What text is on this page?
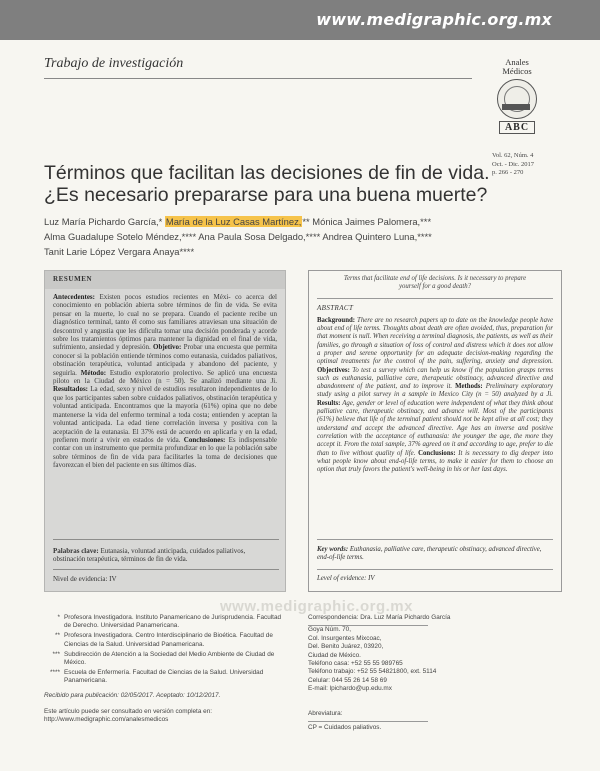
www.medigraphic.org.mx
Trabajo de investigación	Anales
Médicos
ABC
Vol. 62, Núm. 4
Oct. - Dic. 2017
p. 266 - 270
Términos que facilitan las decisiones de fin de vida.
¿Es necesario prepararse para una buena muerte?
Luz María Pichardo García,* María de la Luz Casas Martínez,** Mónica Jaimes Palomera,***
Alma Guadalupe Sotelo Méndez,**** Ana Paula Sosa Delgado,**** Andrea Quintero Luna,****
Tanit Larie López Vergara Anaya****
RESUMEN
Antecedentes: Existen pocos estudios recientes en Méxi- co acerca del conocimiento en población abierta sobre términos de fin de vida. Se evita pensar en la muerte, lo cual no se prepara. Cuando el paciente recibe un diagnóstico terminal, tanto él como sus familiares atraviesan una situación de descontrol y angustia que les dificulta tomar una decisión ponderada y acorde sobre los tratamientos óptimos para mantener la dignidad en el final de vida, sufrimiento, ansiedad y depresión. Objetivo: Probar una encuesta que permita conocer si la población entiende términos como eutanasia, cuidados paliativos, obstinación terapéutica, voluntad anticipada y abandono del paciente, y seguirla. Método: Estudio exploratorio prolectivo. Se aplicó una encuesta piloto en la Ciudad de México (n = 50). Se analizó mediante una Ji. Resultados: La edad, sexo y nivel de estudios resultaron independientes de lo que los participantes saben sobre cuidados paliativos, obstinación terapéutica y voluntad anticipada. Encontramos que la mayoría (61%) opina que no debe mantenerse la vida del enfermo terminal a toda costa; entienden y aceptan la voluntad anticipada. La edad tiene correlación inversa y positiva con la aceptación de la eutanasia. El 37% está de acuerdo en aplicarla y en la edad, prefieren morir a vivir en estados de vida. Conclusiones: Es indispensable contar con un instrumento que permita profundizar en lo que la población sabe sobre términos de fin de vida para facilitarles la toma de decisiones que favorezcan el bien del paciente en sus últimos días.
Palabras clave: Eutanasia, voluntad anticipada, cuidados paliativos, obstinación terapéutica, términos de fin de vida.
Nivel de evidencia: IV
Terms that facilitate end of life decisions. Is it necessary to prepare yourself for a good death?
ABSTRACT
Background: There are no research papers up to date on the knowledge people have about end of life terms. Thoughts about death are often avoided, thus, preparation for that moment is null. When receiving a terminal diagnosis, the patients, as well as their families, go through a situation of loss of control and distress which it does not allow a proper and serene opportunity for an adequate decision-making regarding the optimal treatments for the control of the pain, suffering, anxiety and depression. Objectives: To test a survey which can help us know if the population grasps terms such as euthanasia, palliative care, therapeutic obstinacy, advanced directive and abandonment of the patient, and to improve it. Methods: Preliminary exploratory study using a pilot survey in a sample in Mexico City (n = 50) analyzed by a Ji. Results: Age, gender or level of education were independent of what they think about palliative care, therapeutic obstinacy, and advance will. Most of the participants (61%) believe that life of the terminal patient should not be kept alive at all cost; they understand and accept the advanced directive. Age has an inverse and positive correlation with the acceptance of euthanasia: the younger the age, the more they accept it. From the total sample, 37% agreed on it and according to age, prefer to die than to live without quality of life. Conclusions: It is necessary to dig deeper into what people know about end-of-life terms, to make it easier for them to choose an option that truly favors the patient's well-being in his or her last days.
Key words: Euthanasia, palliative care, therapeutic obstinacy, advanced directive, end-of-life terms.
Level of evidence: IV
www.medigraphic.org.mx
* Profesora Investigadora. Instituto Panamericano de Jurisprudencia. Facultad de Derecho. Universidad Panamericana.
** Profesora Investigadora. Centro Interdisciplinario de Bioética. Facultad de Ciencias de la Salud. Universidad Panamericana.
*** Subdirección de Atención a la Sociedad del Medio Ambiente de Ciudad de México.
**** Escuela de Enfermería. Facultad de Ciencias de la Salud. Universidad Panamericana.
Recibido para publicación: 02/05/2017. Aceptado: 10/12/2017.
Este artículo puede ser consultado en versión completa en:
http://www.medigraphic.com/analesmedicos
Correspondencia: Dra. Luz María Pichardo García
Goya Núm. 70,
Col. Insurgentes Mixcoac,
Del. Benito Juárez, 03920,
Ciudad de México.
Teléfono casa: +52 55 55 989765
Teléfono trabajo: +52 55 54821800, ext. 5114
Celular: 044 55 26 14 58 69
E-mail: lpichardo@up.edu.mx
Abreviatura:
CP = Cuidados paliativos.
